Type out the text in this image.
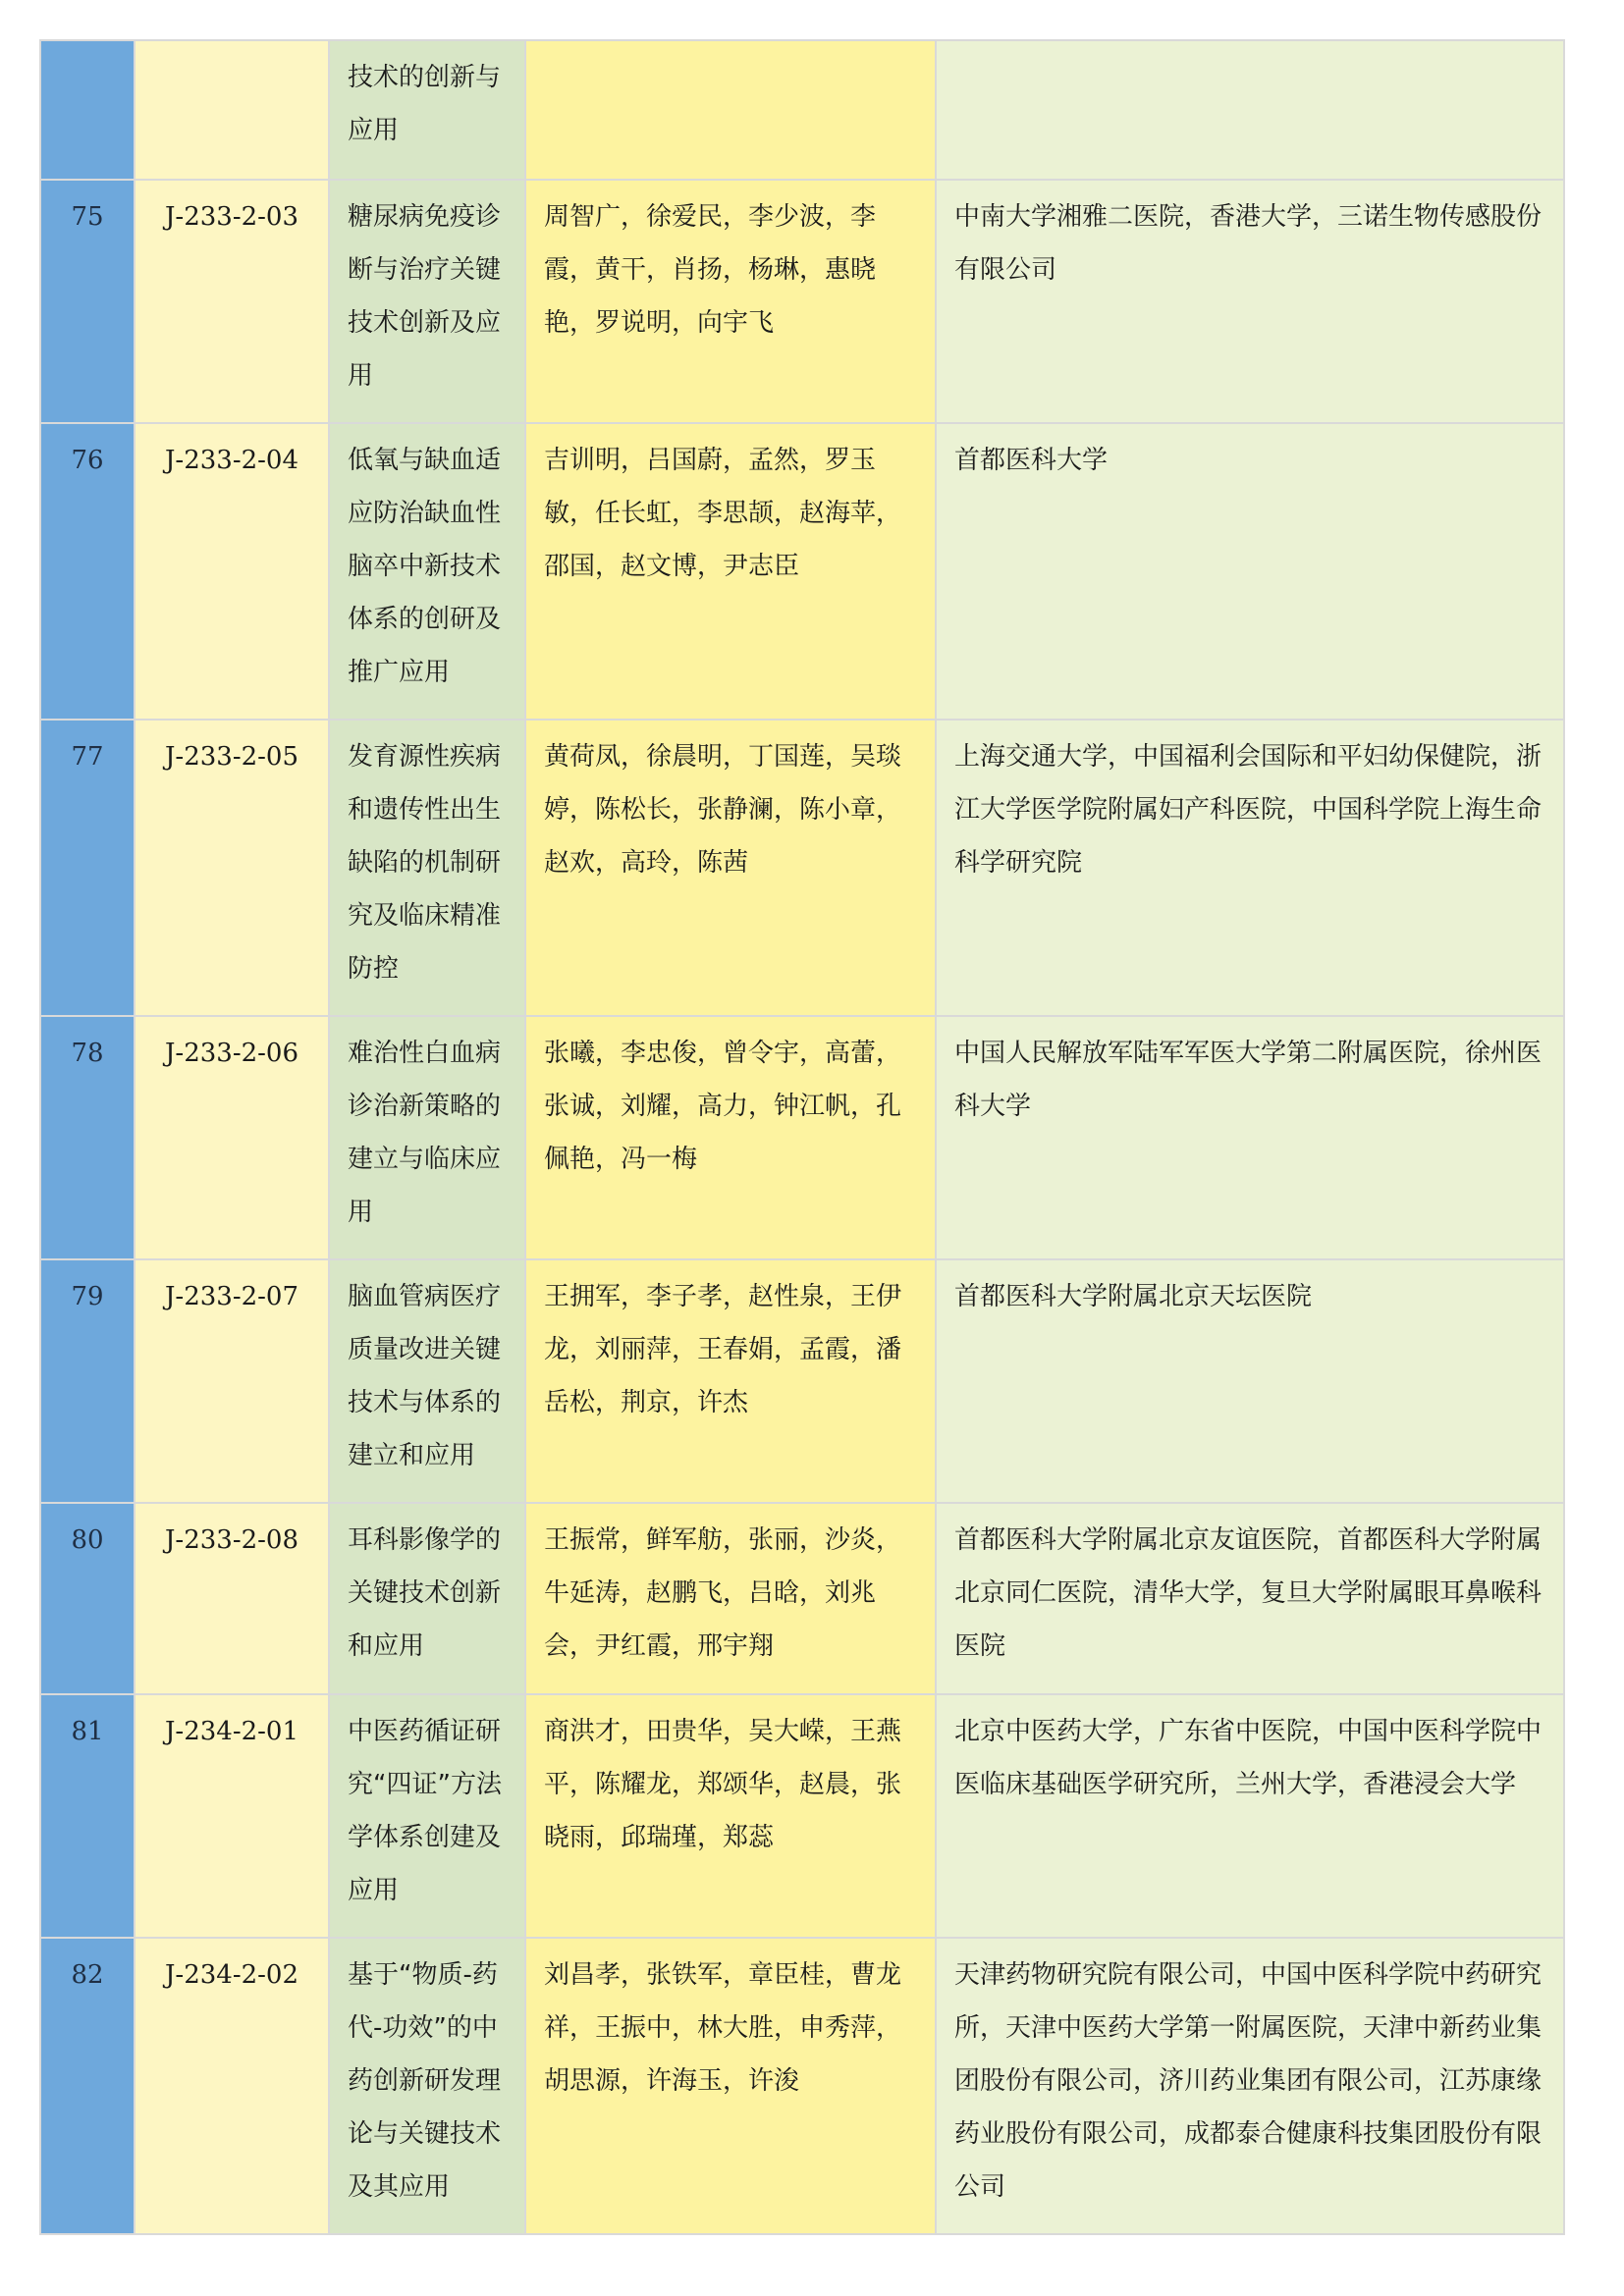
		技术的创新与应用		

75	J-233-2-03	糖尿病免疫诊断与治疗关键技术创新及应用	周智广，徐爱民，李少波，李霞，黄干，肖扬，杨琳，惠晓艳，罗说明，向宇飞	中南大学湘雅二医院，香港大学，三诺生物传感股份有限公司

76	J-233-2-04	低氧与缺血适应防治缺血性脑卒中新技术体系的创研及推广应用	吉训明，吕国蔚，孟然，罗玉敏，任长虹，李思颉，赵海苹，邵国，赵文博，尹志臣	首都医科大学

77	J-233-2-05	发育源性疾病和遗传性出生缺陷的机制研究及临床精准防控	黄荷凤，徐晨明，丁国莲，吴琰婷，陈松长，张静澜，陈小章，赵欢，高玲，陈茜	上海交通大学，中国福利会国际和平妇幼保健院，浙江大学医学院附属妇产科医院，中国科学院上海生命科学研究院

78	J-233-2-06	难治性白血病诊治新策略的建立与临床应用	张曦，李忠俊，曾令宇，高蕾，张诚，刘耀，高力，钟江帆，孔佩艳，冯一梅	中国人民解放军陆军军医大学第二附属医院，徐州医科大学

79	J-233-2-07	脑血管病医疗质量改进关键技术与体系的建立和应用	王拥军，李子孝，赵性泉，王伊龙，刘丽萍，王春娟，孟霞，潘岳松，荆京，许杰	首都医科大学附属北京天坛医院

80	J-233-2-08	耳科影像学的关键技术创新和应用	王振常，鲜军舫，张丽，沙炎，牛延涛，赵鹏飞，吕晗，刘兆会，尹红霞，邢宇翔	首都医科大学附属北京友谊医院，首都医科大学附属北京同仁医院，清华大学，复旦大学附属眼耳鼻喉科医院

81	J-234-2-01	中医药循证研究“四证”方法学体系创建及应用	商洪才，田贵华，吴大嵘，王燕平，陈耀龙，郑颂华，赵晨，张晓雨，邱瑞瑾，郑蕊	北京中医药大学，广东省中医院，中国中医科学院中医临床基础医学研究所，兰州大学，香港浸会大学

82	J-234-2-02	基于“物质-药代-功效”的中药创新研发理论与关键技术及其应用	刘昌孝，张铁军，章臣桂，曹龙祥，王振中，林大胜，申秀萍，胡思源，许海玉，许浚	天津药物研究院有限公司，中国中医科学院中药研究所，天津中医药大学第一附属医院，天津中新药业集团股份有限公司，济川药业集团有限公司，江苏康缘药业股份有限公司，成都泰合健康科技集团股份有限公司
